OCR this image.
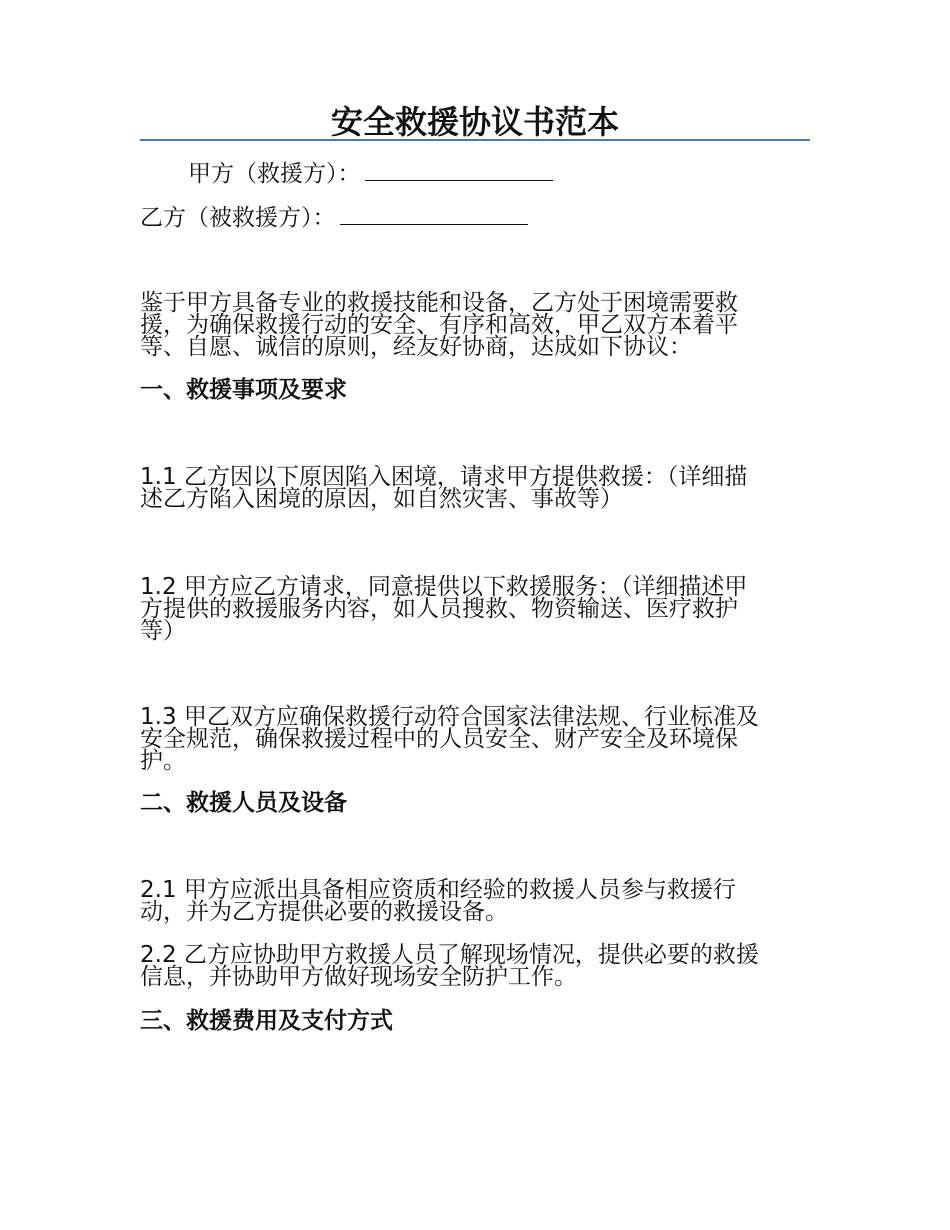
安全救援协议书范本

甲方（救援方）：

乙方（被救援方）：

鉴于甲方具备专业的救援技能和设备，乙方处于困境需要救
援，为确保救援行动的安全、有序和高效，甲乙双方本着平
等、自愿、诚信的原则，经友好协商，达成如下协议：
一、救援事项及要求
1.1 乙方因以下原因陷入困境，请求甲方提供救援：（详细描
述乙方陷入困境的原因，如自然灾害、事故等）
1.2 甲方应乙方请求，同意提供以下救援服务：（详细描述甲
方提供的救援服务内容，如人员搜救、物资输送、医疗救护
等）
1.3 甲乙双方应确保救援行动符合国家法律法规、行业标准及
安全规范，确保救援过程中的人员安全、财产安全及环境保
护。
二、救援人员及设备
2.1 甲方应派出具备相应资质和经验的救援人员参与救援行
动，并为乙方提供必要的救援设备。
2.2 乙方应协助甲方救援人员了解现场情况，提供必要的救援
信息，并协助甲方做好现场安全防护工作。
三、救援费用及支付方式
